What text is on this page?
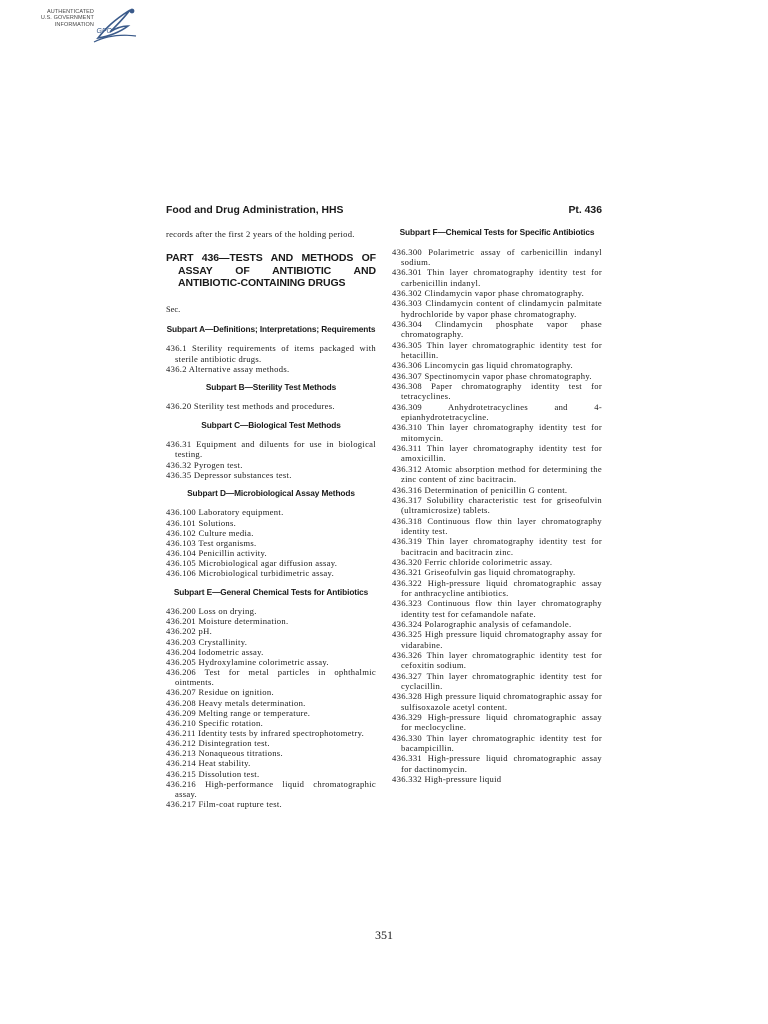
AUTHENTICATED
U.S. GOVERNMENT
INFORMATION
GPO
Food and Drug Administration, HHS	Pt. 436

records after the first 2 years of the holding period.

PART 436—TESTS AND METHODS OF ASSAY OF ANTIBIOTIC AND ANTIBIOTIC-CONTAINING DRUGS
Sec.
Subpart A—Definitions; Interpretations; Requirements
436.1 Sterility requirements of items packaged with sterile antibiotic drugs.
436.2 Alternative assay methods.
Subpart B—Sterility Test Methods
436.20 Sterility test methods and procedures.
Subpart C—Biological Test Methods
436.31 Equipment and diluents for use in biological testing.
436.32 Pyrogen test.
436.35 Depressor substances test.
Subpart D—Microbiological Assay Methods
436.100 Laboratory equipment.
436.101 Solutions.
436.102 Culture media.
436.103 Test organisms.
436.104 Penicillin activity.
436.105 Microbiological agar diffusion assay.
436.106 Microbiological turbidimetric assay.
Subpart E—General Chemical Tests for Antibiotics
436.200 Loss on drying.
436.201 Moisture determination.
436.202 pH.
436.203 Crystallinity.
436.204 Iodometric assay.
436.205 Hydroxylamine colorimetric assay.
436.206 Test for metal particles in ophthalmic ointments.
436.207 Residue on ignition.
436.208 Heavy metals determination.
436.209 Melting range or temperature.
436.210 Specific rotation.
436.211 Identity tests by infrared spectrophotometry.
436.212 Disintegration test.
436.213 Nonaqueous titrations.
436.214 Heat stability.
436.215 Dissolution test.
436.216 High-performance liquid chromatographic assay.
436.217 Film-coat rupture test.
Subpart F—Chemical Tests for Specific Antibiotics
436.300 Polarimetric assay of carbenicillin indanyl sodium.
436.301 Thin layer chromatography identity test for carbenicillin indanyl.
436.302 Clindamycin vapor phase chromatography.
436.303 Clindamycin content of clindamycin palmitate hydrochloride by vapor phase chromatography.
436.304 Clindamycin phosphate vapor phase chromatography.
436.305 Thin layer chromatographic identity test for hetacillin.
436.306 Lincomycin gas liquid chromatography.
436.307 Spectinomycin vapor phase chromatography.
436.308 Paper chromatography identity test for tetracyclines.
436.309 Anhydrotetracyclines and 4-epianhydrotetracycline.
436.310 Thin layer chromatography identity test for mitomycin.
436.311 Thin layer chromatography identity test for amoxicillin.
436.312 Atomic absorption method for determining the zinc content of zinc bacitracin.
436.316 Determination of penicillin G content.
436.317 Solubility characteristic test for griseofulvin (ultramicrosize) tablets.
436.318 Continuous flow thin layer chromatography identity test.
436.319 Thin layer chromatography identity test for bacitracin and bacitracin zinc.
436.320 Ferric chloride colorimetric assay.
436.321 Griseofulvin gas liquid chromatography.
436.322 High-pressure liquid chromatographic assay for anthracycline antibiotics.
436.323 Continuous flow thin layer chromatography identity test for cefamandole nafate.
436.324 Polarographic analysis of cefamandole.
436.325 High pressure liquid chromatography assay for vidarabine.
436.326 Thin layer chromatographic identity test for cefoxitin sodium.
436.327 Thin layer chromatographic identity test for cyclacillin.
436.328 High pressure liquid chromatographic assay for sulfisoxazole acetyl content.
436.329 High-pressure liquid chromatographic assay for meclocycline.
436.330 Thin layer chromatographic identity test for bacampicillin.
436.331 High-pressure liquid chromatographic assay for dactinomycin.
436.332 High-pressure liquid
351
